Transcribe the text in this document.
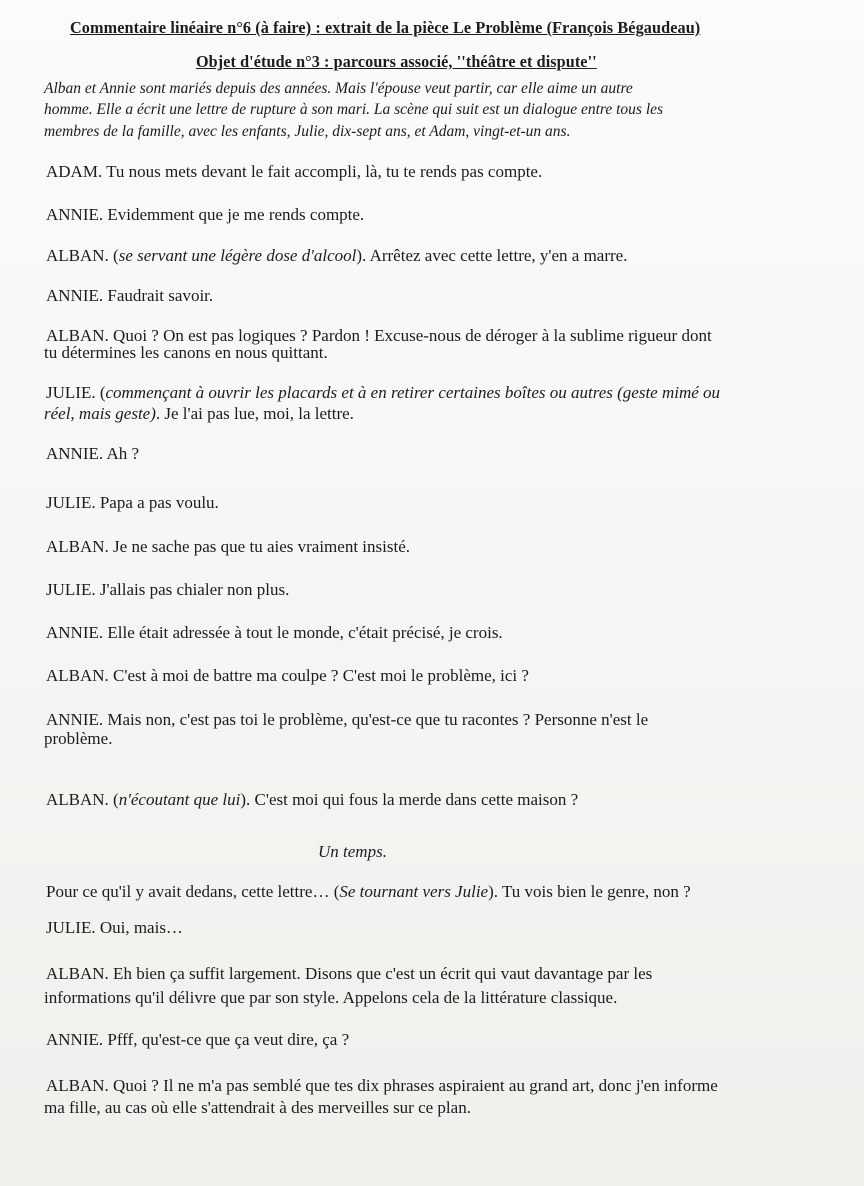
Commentaire linéaire n°6 (à faire) : extrait de la pièce Le Problème (François Bégaudeau)
Objet d'étude n°3 : parcours associé, ''théâtre et dispute''
Alban et Annie sont mariés depuis des années. Mais l'épouse veut partir, car elle aime un autre
homme. Elle a écrit une lettre de rupture à son mari. La scène qui suit est un dialogue entre tous les
membres de la famille, avec les enfants, Julie, dix-sept ans, et Adam, vingt-et-un ans.
ADAM. Tu nous mets devant le fait accompli, là, tu te rends pas compte.
ANNIE. Evidemment que je me rends compte.
ALBAN. (se servant une légère dose d'alcool). Arrêtez avec cette lettre, y'en a marre.
ANNIE. Faudrait savoir.
ALBAN. Quoi ? On est pas logiques ? Pardon ! Excuse-nous de déroger à la sublime rigueur dont
tu détermines les canons en nous quittant.
JULIE. (commençant à ouvrir les placards et à en retirer certaines boîtes ou autres (geste mimé ou
réel, mais geste). Je l'ai pas lue, moi, la lettre.
ANNIE. Ah ?
JULIE. Papa a pas voulu.
ALBAN. Je ne sache pas que tu aies vraiment insisté.
JULIE. J'allais pas chialer non plus.
ANNIE. Elle était adressée à tout le monde, c'était précisé, je crois.
ALBAN. C'est à moi de battre ma coulpe ? C'est moi le problème, ici ?
ANNIE. Mais non, c'est pas toi le problème, qu'est-ce que tu racontes ? Personne n'est le
problème.
ALBAN. (n'écoutant que lui). C'est moi qui fous la merde dans cette maison ?
Un temps.
Pour ce qu'il y avait dedans, cette lettre… (Se tournant vers Julie). Tu vois bien le genre, non ?
JULIE. Oui, mais…
ALBAN. Eh bien ça suffit largement. Disons que c'est un écrit qui vaut davantage par les
informations qu'il délivre que par son style. Appelons cela de la littérature classique.
ANNIE. Pfff, qu'est-ce que ça veut dire, ça ?
ALBAN. Quoi ? Il ne m'a pas semblé que tes dix phrases aspiraient au grand art, donc j'en informe
ma fille, au cas où elle s'attendrait à des merveilles sur ce plan.
